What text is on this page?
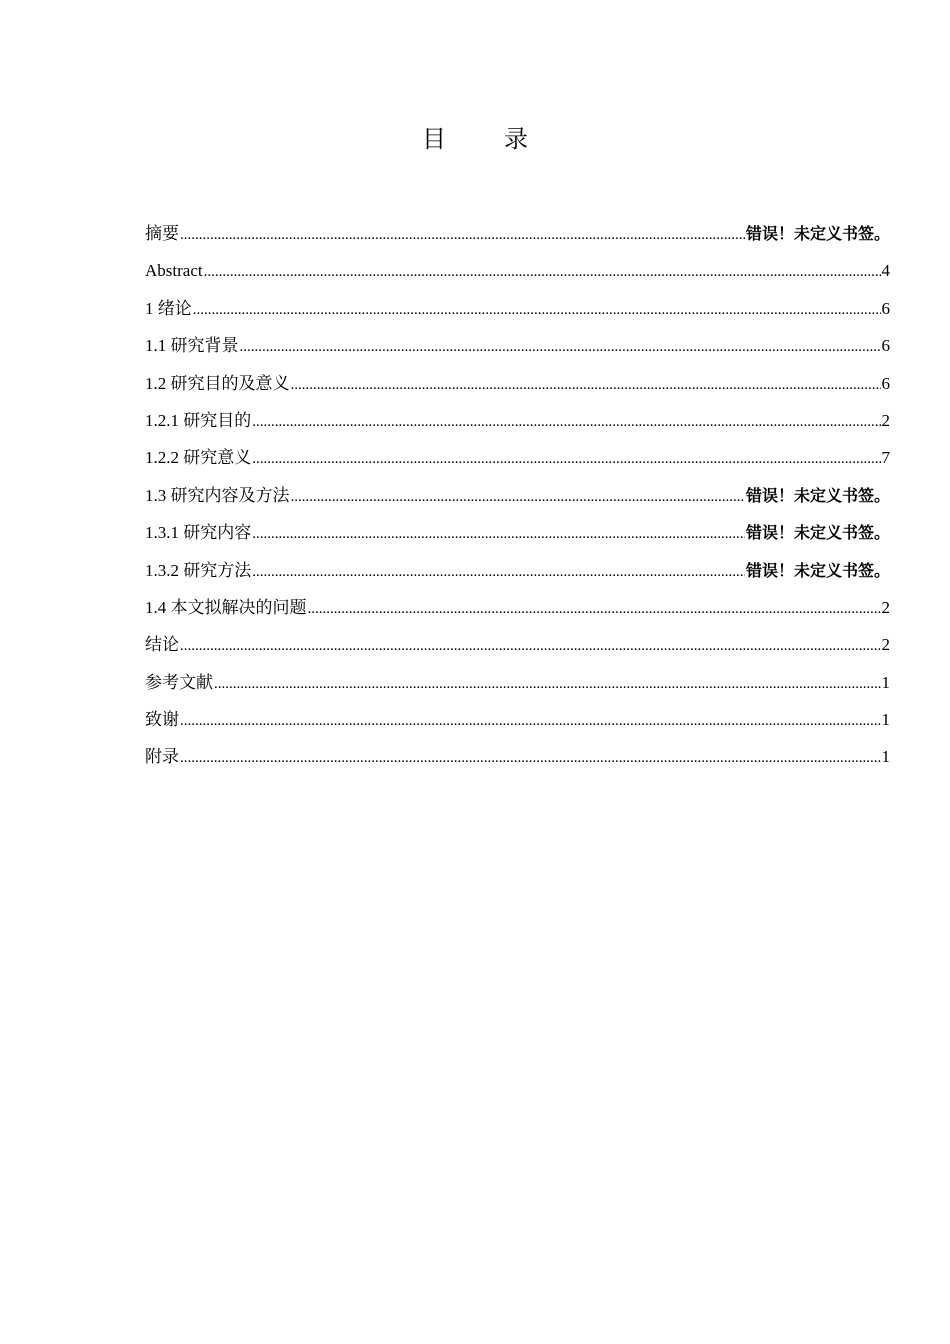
目 录
摘要 .....	错误！未定义书签。
Abstract .....	4
1 绪论 .....	6
1.1 研究背景 .....	6
1.2 研究目的及意义 .....	6
1.2.1 研究目的 .....	2
1.2.2 研究意义 .....	7
1.3 研究内容及方法 .....	错误！未定义书签。
1.3.1 研究内容 .....	错误！未定义书签。
1.3.2 研究方法 .....	错误！未定义书签。
1.4 本文拟解决的问题 .....	2
结论 .....	2
参考文献 .....	1
致谢 .....	1
附录 .....	1
